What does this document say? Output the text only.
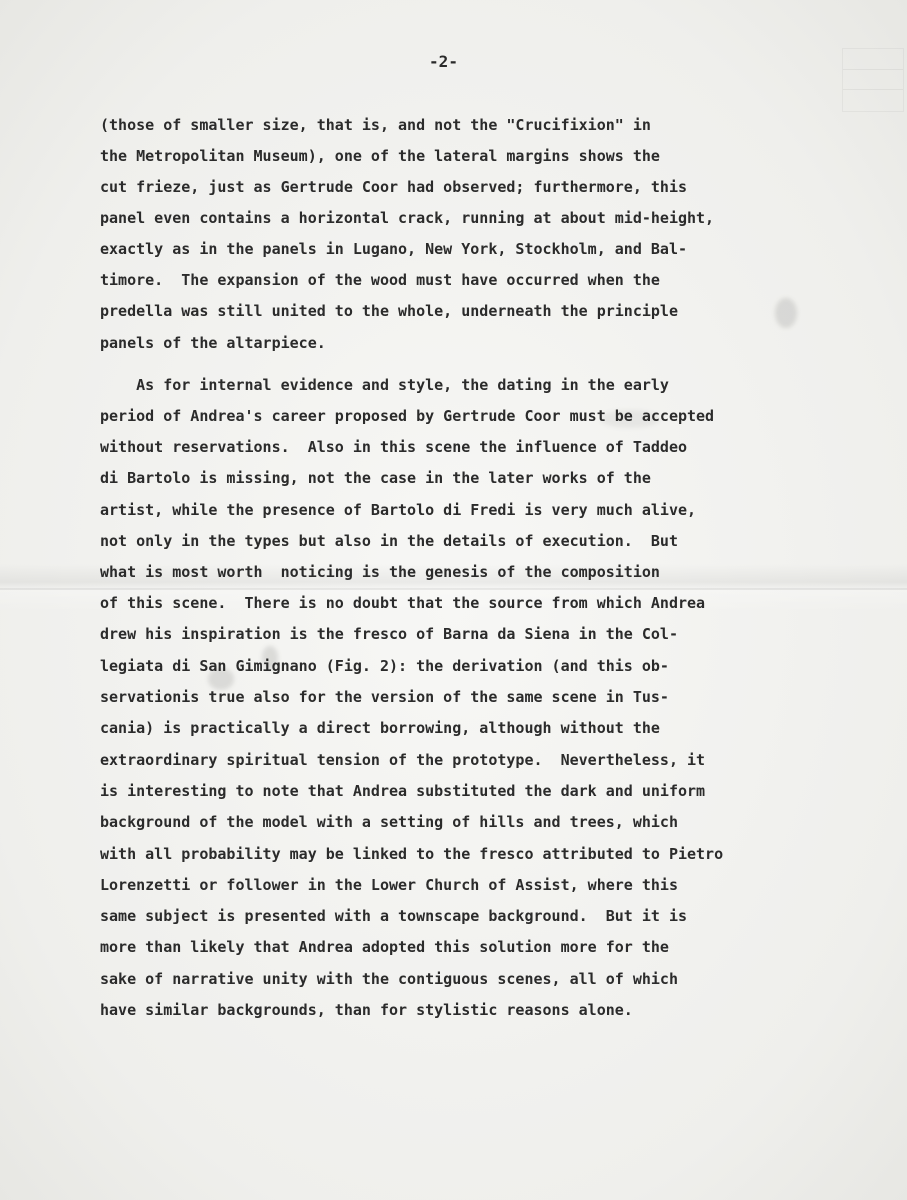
-2-
(those of smaller size, that is, and not the "Crucifixion" in
the Metropolitan Museum), one of the lateral margins shows the
cut frieze, just as Gertrude Coor had observed; furthermore, this
panel even contains a horizontal crack, running at about mid-height,
exactly as in the panels in Lugano, New York, Stockholm, and Bal-
timore.  The expansion of the wood must have occurred when the
predella was still united to the whole, underneath the principle
panels of the altarpiece.
As for internal evidence and style, the dating in the early
period of Andrea's career proposed by Gertrude Coor must be accepted
without reservations.  Also in this scene the influence of Taddeo
di Bartolo is missing, not the case in the later works of the
artist, while the presence of Bartolo di Fredi is very much alive,
not only in the types but also in the details of execution.  But
what is most worth  noticing is the genesis of the composition
of this scene.  There is no doubt that the source from which Andrea
drew his inspiration is the fresco of Barna da Siena in the Col-
legiata di San Gimignano (Fig. 2): the derivation (and this ob-
servationis true also for the version of the same scene in Tus-
cania) is practically a direct borrowing, although without the
extraordinary spiritual tension of the prototype.  Nevertheless, it
is interesting to note that Andrea substituted the dark and uniform
background of the model with a setting of hills and trees, which
with all probability may be linked to the fresco attributed to Pietro
Lorenzetti or follower in the Lower Church of Assist, where this
same subject is presented with a townscape background.  But it is
more than likely that Andrea adopted this solution more for the
sake of narrative unity with the contiguous scenes, all of which
have similar backgrounds, than for stylistic reasons alone.
